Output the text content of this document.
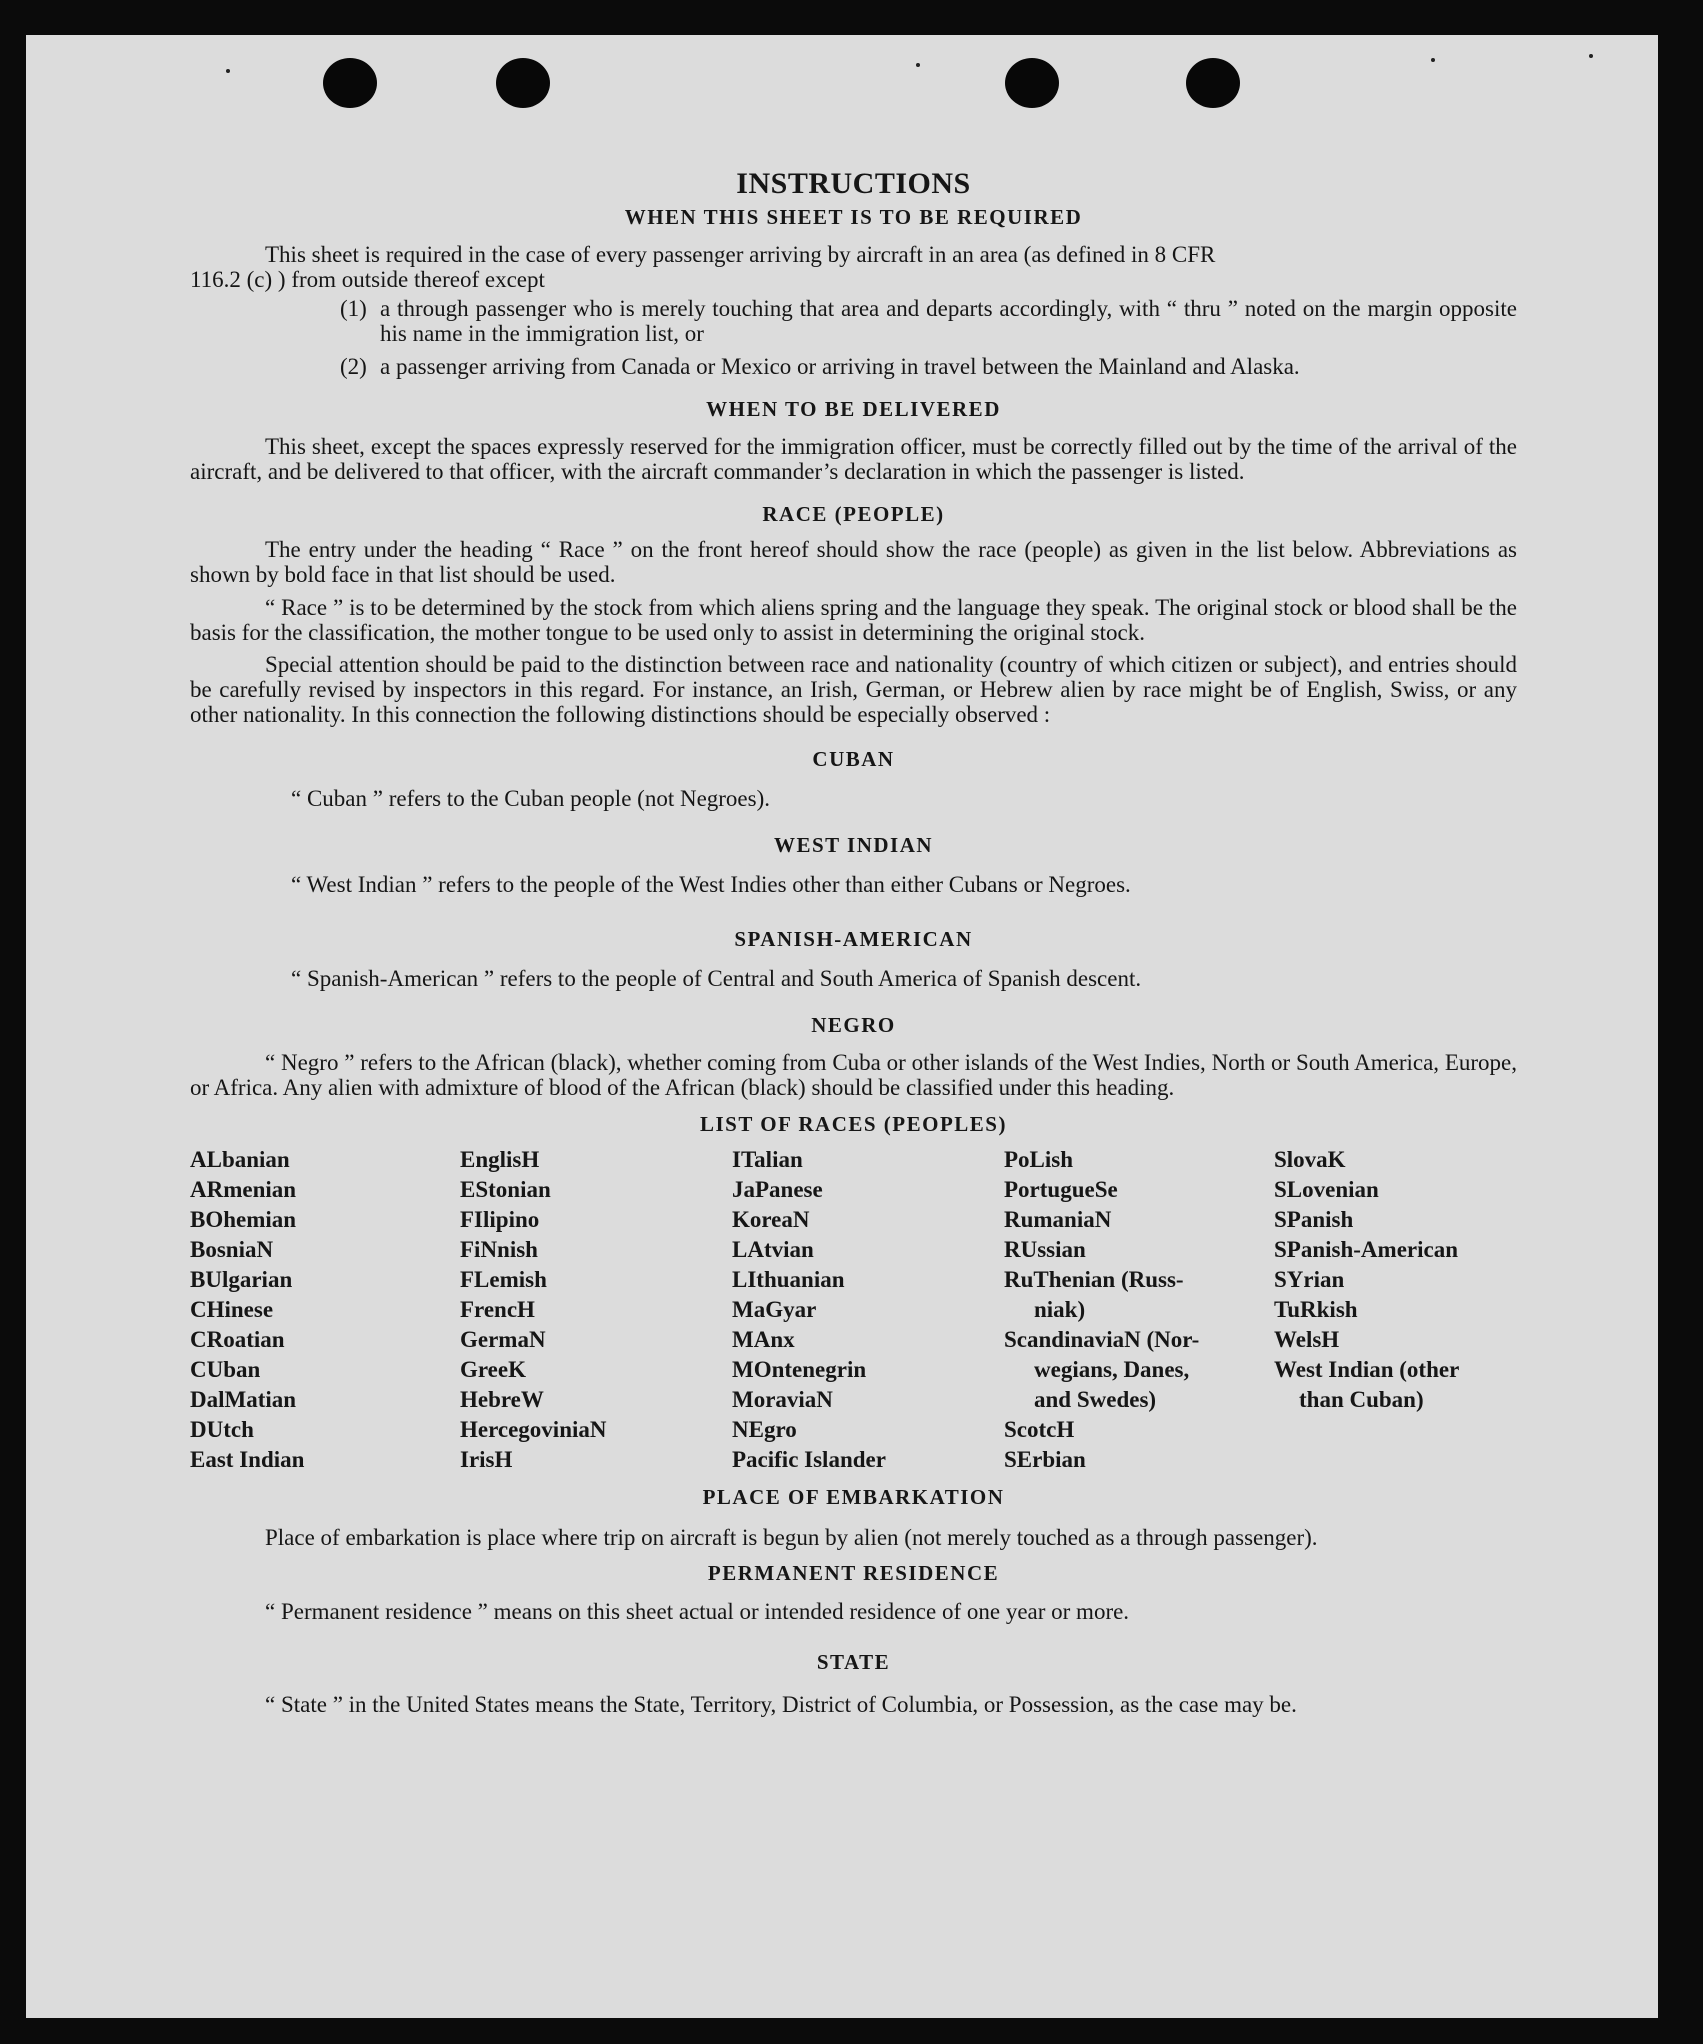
INSTRUCTIONS
WHEN THIS SHEET IS TO BE REQUIRED
This sheet is required in the case of every passenger arriving by aircraft in an area (as defined in 8 CFR
116.2 (c) ) from outside thereof except
(1) a through passenger who is merely touching that area and departs accordingly, with “ thru ” noted on the margin opposite his name in the immigration list, or
(2) a passenger arriving from Canada or Mexico or arriving in travel between the Mainland and Alaska.
WHEN TO BE DELIVERED

This sheet, except the spaces expressly reserved for the immigration officer, must be correctly filled out by the time of the arrival of the aircraft, and be delivered to that officer, with the aircraft commander’s declaration in which the passenger is listed.

RACE (PEOPLE)

The entry under the heading “ Race ” on the front hereof should show the race (people) as given in the list below. Abbreviations as shown by bold face in that list should be used.

“ Race ” is to be determined by the stock from which aliens spring and the language they speak. The original stock or blood shall be the basis for the classification, the mother tongue to be used only to assist in determining the original stock.

Special attention should be paid to the distinction between race and nationality (country of which citizen or subject), and entries should be carefully revised by inspectors in this regard. For instance, an Irish, German, or Hebrew alien by race might be of English, Swiss, or any other nationality. In this connection the following distinctions should be especially observed :

CUBAN

“ Cuban ” refers to the Cuban people (not Negroes).

WEST INDIAN

“ West Indian ” refers to the people of the West Indies other than either Cubans or Negroes.

SPANISH-AMERICAN

“ Spanish-American ” refers to the people of Central and South America of Spanish descent.

NEGRO

“ Negro ” refers to the African (black), whether coming from Cuba or other islands of the West Indies, North or South America, Europe, or Africa. Any alien with admixture of blood of the African (black) should be classified under this heading.

LIST OF RACES (PEOPLES)
ALbanian
ARmenian
BOhemian
BosniaN
BUlgarian
CHinese
CRoatian
CUban
DalMatian
DUtch
East Indian
EnglisH
EStonian
FIlipino
FiNnish
FLemish
FrencH
GermaN
GreeK
HebreW
HercegoviniaN
IrisH
ITalian
JaPanese
KoreaN
LAtvian
LIthuanian
MaGyar
MAnx
MOntenegrin
MoraviaN
NEgro
Pacific Islander
PoLish
PortugueSe
RumaniaN
RUssian
RuThenian (Russ-
niak)
ScandinaviaN (Nor-
wegians, Danes,
and Swedes)
ScotcH
SErbian
SlovaK
SLovenian
SPanish
SPanish-American
SYrian
TuRkish
WelsH
West Indian (other
than Cuban)
PLACE OF EMBARKATION

Place of embarkation is place where trip on aircraft is begun by alien (not merely touched as a through passenger).

PERMANENT RESIDENCE

“ Permanent residence ” means on this sheet actual or intended residence of one year or more.

STATE

“ State ” in the United States means the State, Territory, District of Columbia, or Possession, as the case may be.
